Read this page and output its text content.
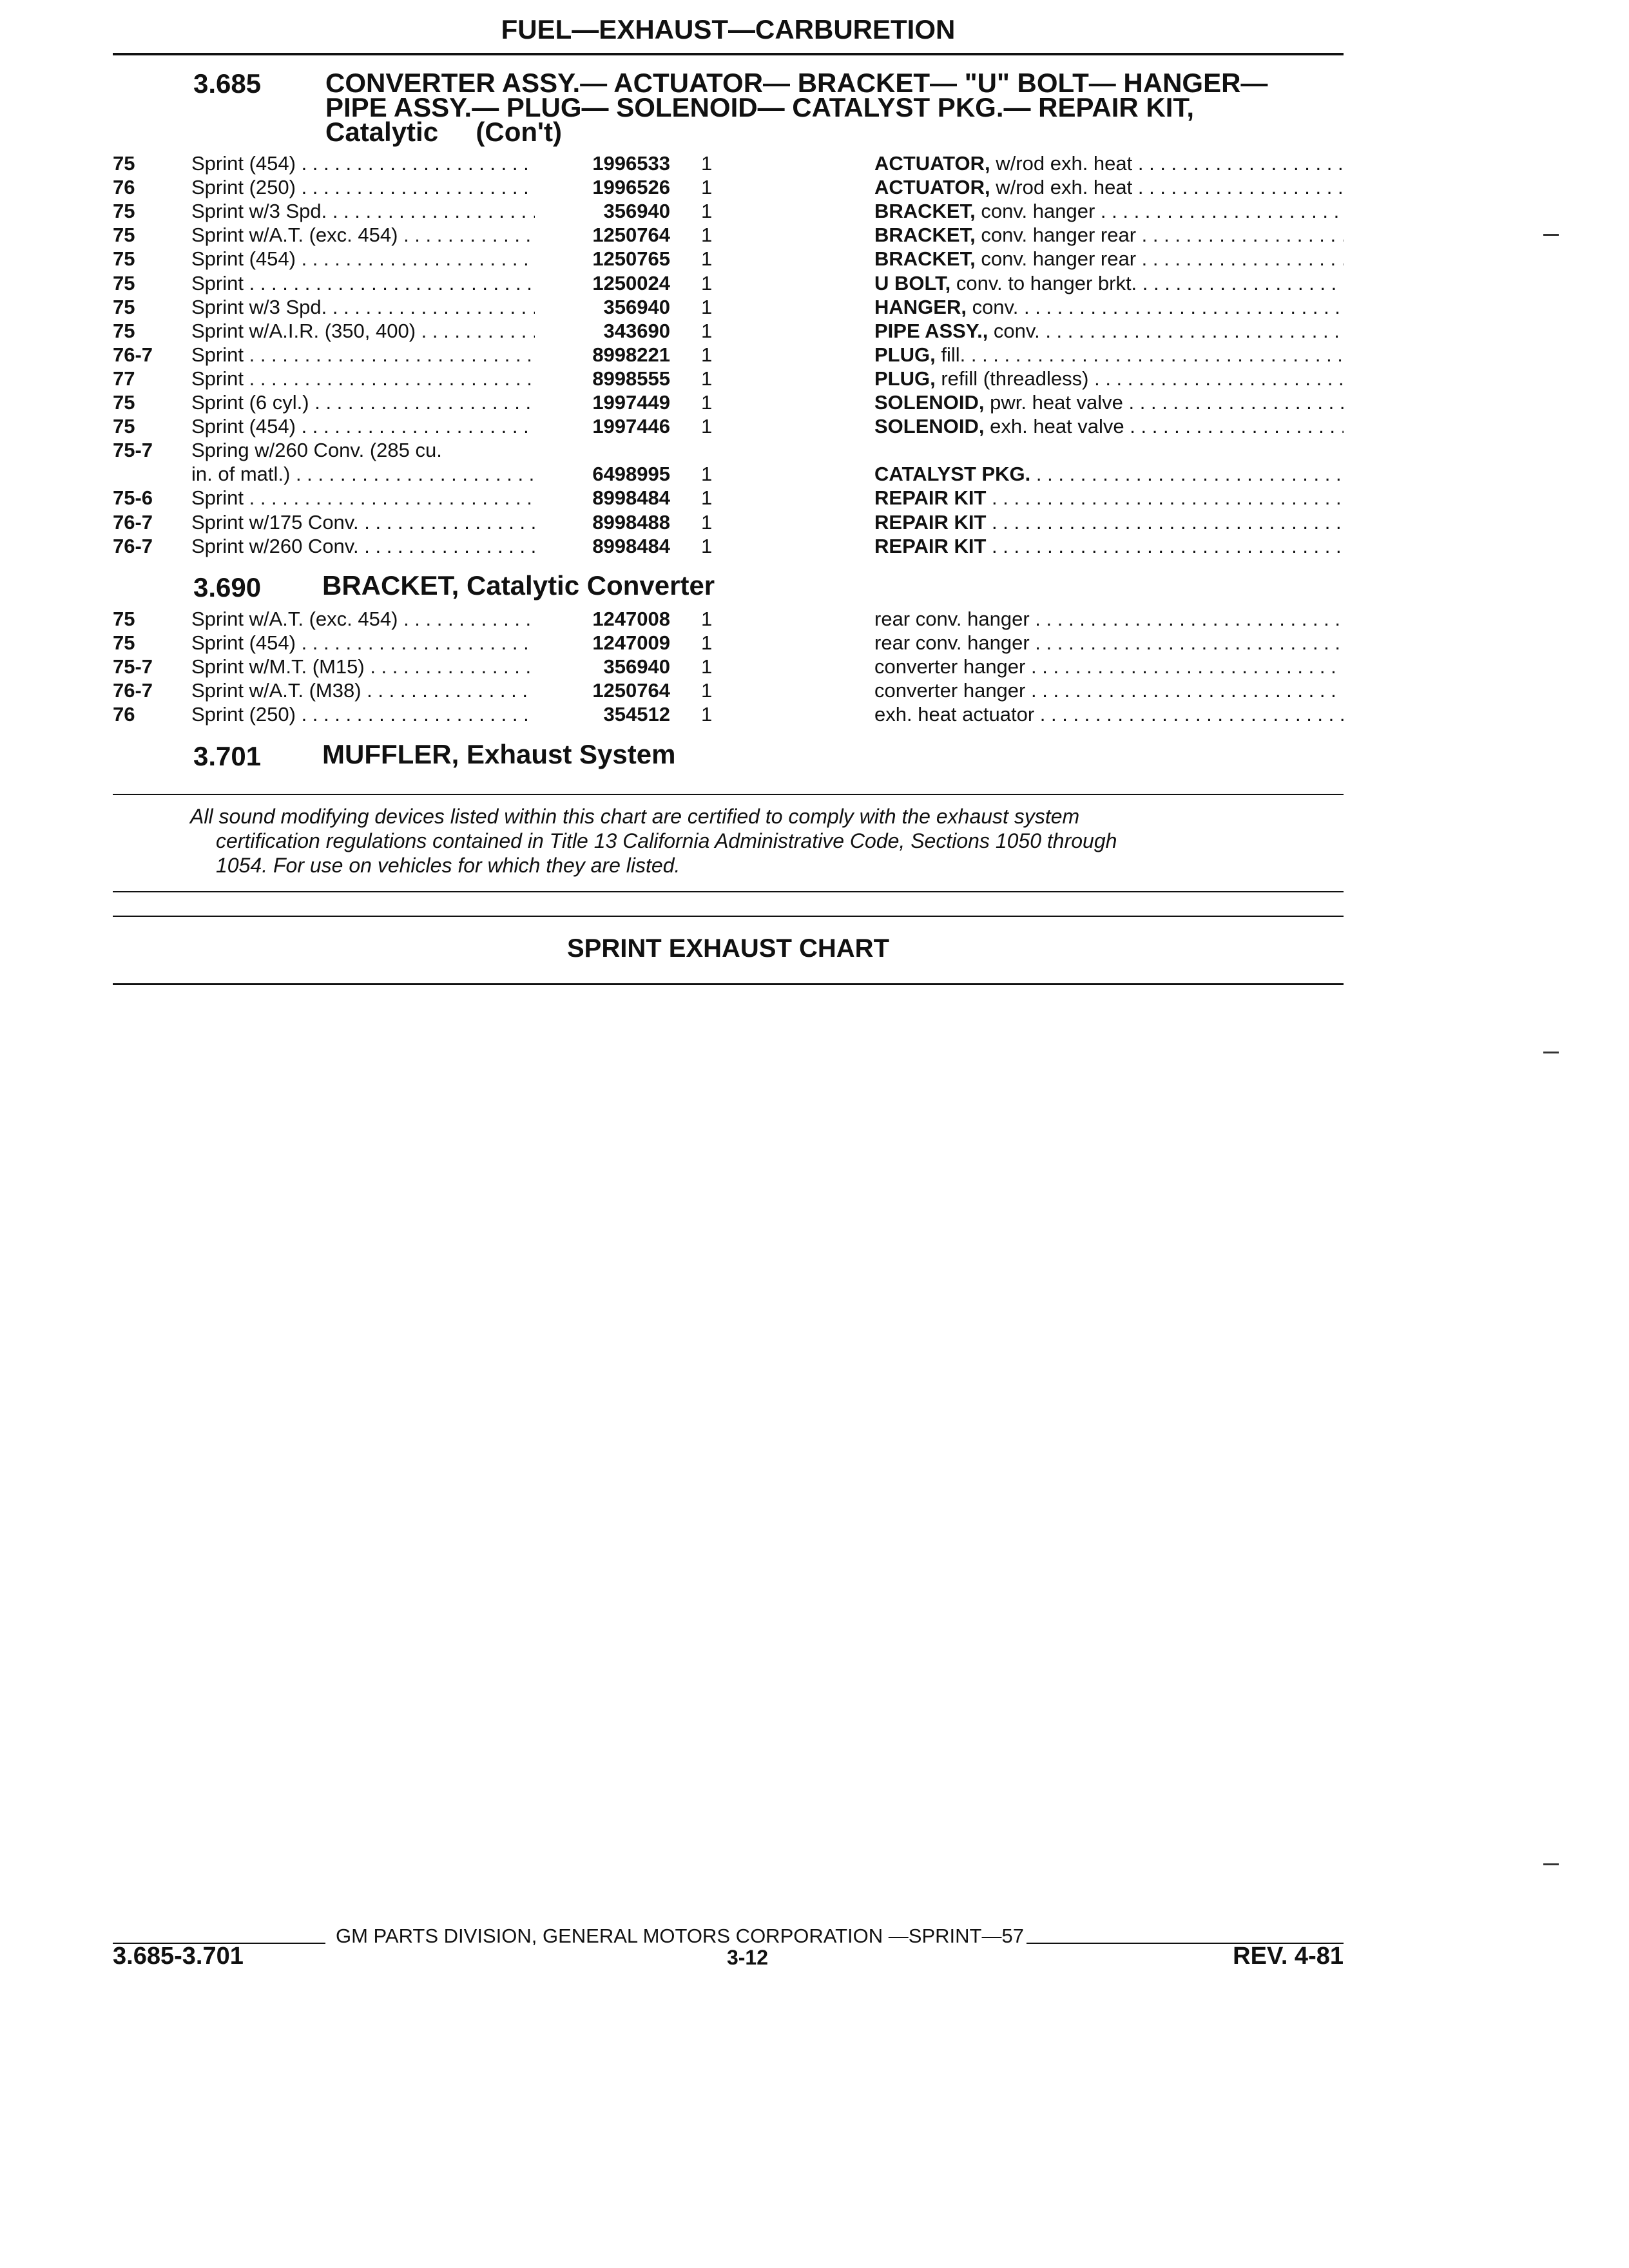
FUEL—EXHAUST—CARBURETION
3.685 CONVERTER ASSY.— ACTUATOR— BRACKET— "U" BOLT— HANGER—
PIPE ASSY.— PLUG— SOLENOID— CATALYST PKG.— REPAIR KIT,
Catalytic     (Con't)
75	Sprint (454) . . .	1996533 1	ACTUATOR, w/rod exh. heat . . .
76	Sprint (250) . . .	1996526 1	ACTUATOR, w/rod exh. heat . . .
75	Sprint w/3 Spd. . . .	356940 1	BRACKET, conv. hanger . . .
75	Sprint w/A.T. (exc. 454) . . .	1250764 1	BRACKET, conv. hanger rear . . .
75	Sprint (454) . . .	1250765 1	BRACKET, conv. hanger rear . . .
75	Sprint . . .	1250024 1	U BOLT, conv. to hanger brkt. . . .
75	Sprint w/3 Spd. . . .	356940 1	HANGER, conv. . . .
75	Sprint w/A.I.R. (350, 400) . . .	343690 1	PIPE ASSY., conv. . . .
76-7 Sprint . . .	8998221 1	PLUG, fill. . . .
77	Sprint . . .	8998555 1	PLUG, refill (threadless) . . .
75	Sprint (6 cyl.) . . .	1997449 1	SOLENOID, pwr. heat valve . . .
75	Sprint (454) . . .	1997446 1	SOLENOID, exh. heat valve . . .
75-7 Spring w/260 Conv. (285 cu.
in. of matl.) . . .	6498995 1	CATALYST PKG. . . .
75-6 Sprint . . .	8998484 1	REPAIR KIT . . .
76-7 Sprint w/175 Conv. . . .	8998488 1	REPAIR KIT . . .
76-7 Sprint w/260 Conv. . . .	8998484 1	REPAIR KIT . . .
3.690 BRACKET, Catalytic Converter
75	Sprint w/A.T. (exc. 454) . . .	1247008 1	rear conv. hanger . . .
75	Sprint (454) . . .	1247009 1	rear conv. hanger . . .
75-7 Sprint w/M.T. (M15) . . .	356940 1	converter hanger . . .
76-7 Sprint w/A.T. (M38) . . .	1250764 1	converter hanger . . .
76	Sprint (250) . . .	354512 1	exh. heat actuator . . .
3.701 MUFFLER, Exhaust System
All sound modifying devices listed within this chart are certified to comply with the exhaust system
certification regulations contained in Title 13 California Administrative Code, Sections 1050 through
1054. For use on vehicles for which they are listed.
SPRINT EXHAUST CHART
GM PARTS DIVISION, GENERAL MOTORS CORPORATION —SPRINT—57
3.685-3.701	3-12	REV. 4-81
